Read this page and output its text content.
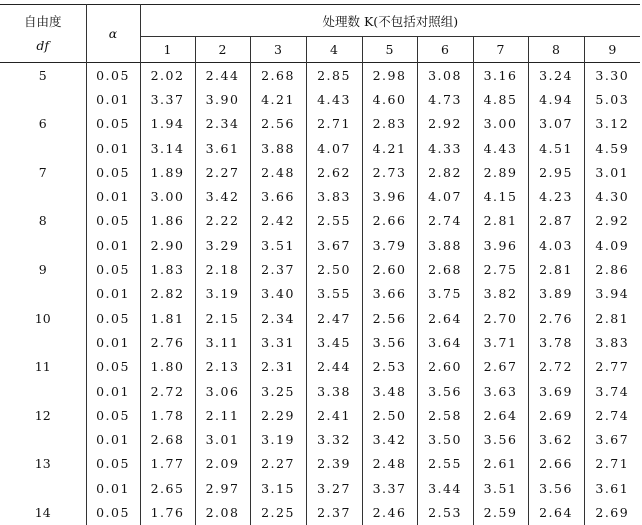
自由度
df	α	处理数 K(不包括对照组)								
		1	2	3	4	5	6	7	8	9
5	0.05	2.02	2.44	2.68	2.85	2.98	3.08	3.16	3.24	3.30
	0.01	3.37	3.90	4.21	4.43	4.60	4.73	4.85	4.94	5.03
6	0.05	1.94	2.34	2.56	2.71	2.83	2.92	3.00	3.07	3.12
	0.01	3.14	3.61	3.88	4.07	4.21	4.33	4.43	4.51	4.59
7	0.05	1.89	2.27	2.48	2.62	2.73	2.82	2.89	2.95	3.01
	0.01	3.00	3.42	3.66	3.83	3.96	4.07	4.15	4.23	4.30
8	0.05	1.86	2.22	2.42	2.55	2.66	2.74	2.81	2.87	2.92
	0.01	2.90	3.29	3.51	3.67	3.79	3.88	3.96	4.03	4.09
9	0.05	1.83	2.18	2.37	2.50	2.60	2.68	2.75	2.81	2.86
	0.01	2.82	3.19	3.40	3.55	3.66	3.75	3.82	3.89	3.94
10	0.05	1.81	2.15	2.34	2.47	2.56	2.64	2.70	2.76	2.81
	0.01	2.76	3.11	3.31	3.45	3.56	3.64	3.71	3.78	3.83
11	0.05	1.80	2.13	2.31	2.44	2.53	2.60	2.67	2.72	2.77
	0.01	2.72	3.06	3.25	3.38	3.48	3.56	3.63	3.69	3.74
12	0.05	1.78	2.11	2.29	2.41	2.50	2.58	2.64	2.69	2.74
	0.01	2.68	3.01	3.19	3.32	3.42	3.50	3.56	3.62	3.67
13	0.05	1.77	2.09	2.27	2.39	2.48	2.55	2.61	2.66	2.71
	0.01	2.65	2.97	3.15	3.27	3.37	3.44	3.51	3.56	3.61
14	0.05	1.76	2.08	2.25	2.37	2.46	2.53	2.59	2.64	2.69
